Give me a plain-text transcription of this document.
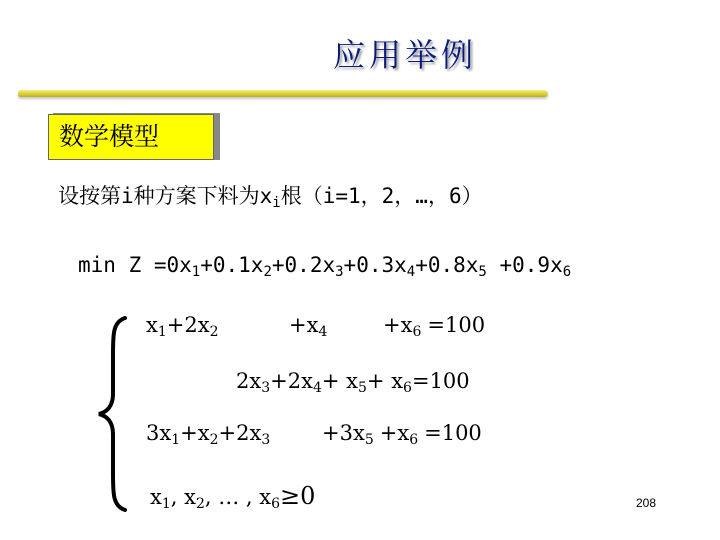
应用举例
数学模型
设按第i种方案下料为$x_i$根（i=1，2，…，6）
$\min Z =0x_1+0.1x_2+0.2x_3+0.3x_4+0.8x_5 +0.9x_6$
$x_1+2x_2$	$+x_4$	$+x_6 =100$
$2x_3+2x_4+ x_5+ x_6=100$
$3x_1+x_2+2x_3 +3x_5 +x_6 =100$
$x_1$, $x_2$, … , $x_6\ge 0$	208
